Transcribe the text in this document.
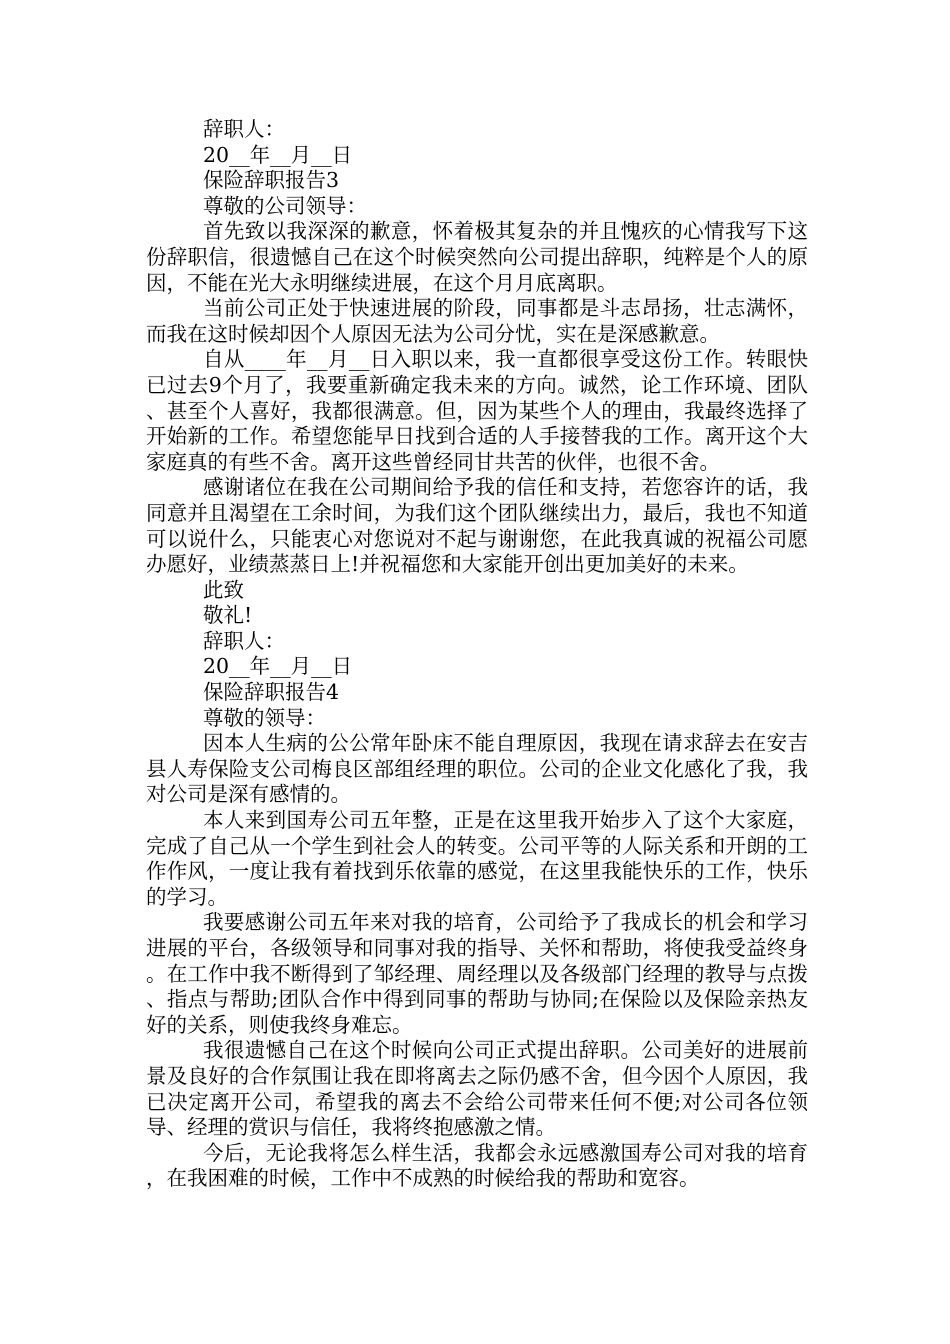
辞职人：

20__年__月__日

保险辞职报告3

尊敬的公司领导：

首先致以我深深的歉意，怀着极其复杂的并且愧疚的心情我写下这份辞职信，很遗憾自己在这个时候突然向公司提出辞职，纯粹是个人的原因，不能在光大永明继续进展，在这个月月底离职。

当前公司正处于快速进展的阶段，同事都是斗志昂扬，壮志满怀，而我在这时候却因个人原因无法为公司分忧，实在是深感歉意。

自从____年__月__日入职以来，我一直都很享受这份工作。转眼快已过去9个月了，我要重新确定我未来的方向。诚然，论工作环境、团队、甚至个人喜好，我都很满意。但，因为某些个人的理由，我最终选择了开始新的工作。希望您能早日找到合适的人手接替我的工作。离开这个大家庭真的有些不舍。离开这些曾经同甘共苦的伙伴，也很不舍。

感谢诸位在我在公司期间给予我的信任和支持，若您容许的话，我同意并且渴望在工余时间，为我们这个团队继续出力，最后，我也不知道可以说什么，只能衷心对您说对不起与谢谢您，在此我真诚的祝福公司愿办愿好，业绩蒸蒸日上!并祝福您和大家能开创出更加美好的未来。

此致

敬礼!

辞职人：

20__年__月__日

保险辞职报告4

尊敬的领导：

因本人生病的公公常年卧床不能自理原因，我现在请求辞去在安吉县人寿保险支公司梅良区部组经理的职位。公司的企业文化感化了我，我对公司是深有感情的。

本人来到国寿公司五年整，正是在这里我开始步入了这个大家庭，完成了自己从一个学生到社会人的转变。公司平等的人际关系和开朗的工作作风，一度让我有着找到乐依靠的感觉，在这里我能快乐的工作，快乐的学习。

我要感谢公司五年来对我的培育，公司给予了我成长的机会和学习进展的平台，各级领导和同事对我的指导、关怀和帮助，将使我受益终身。在工作中我不断得到了邹经理、周经理以及各级部门经理的教导与点拨、指点与帮助;团队合作中得到同事的帮助与协同;在保险以及保险亲热友好的关系，则使我终身难忘。

我很遗憾自己在这个时候向公司正式提出辞职。公司美好的进展前景及良好的合作氛围让我在即将离去之际仍感不舍，但今因个人原因，我已决定离开公司，希望我的离去不会给公司带来任何不便;对公司各位领导、经理的赏识与信任，我将终抱感激之情。

今后，无论我将怎么样生活，我都会永远感激国寿公司对我的培育，在我困难的时候，工作中不成熟的时候给我的帮助和宽容。
